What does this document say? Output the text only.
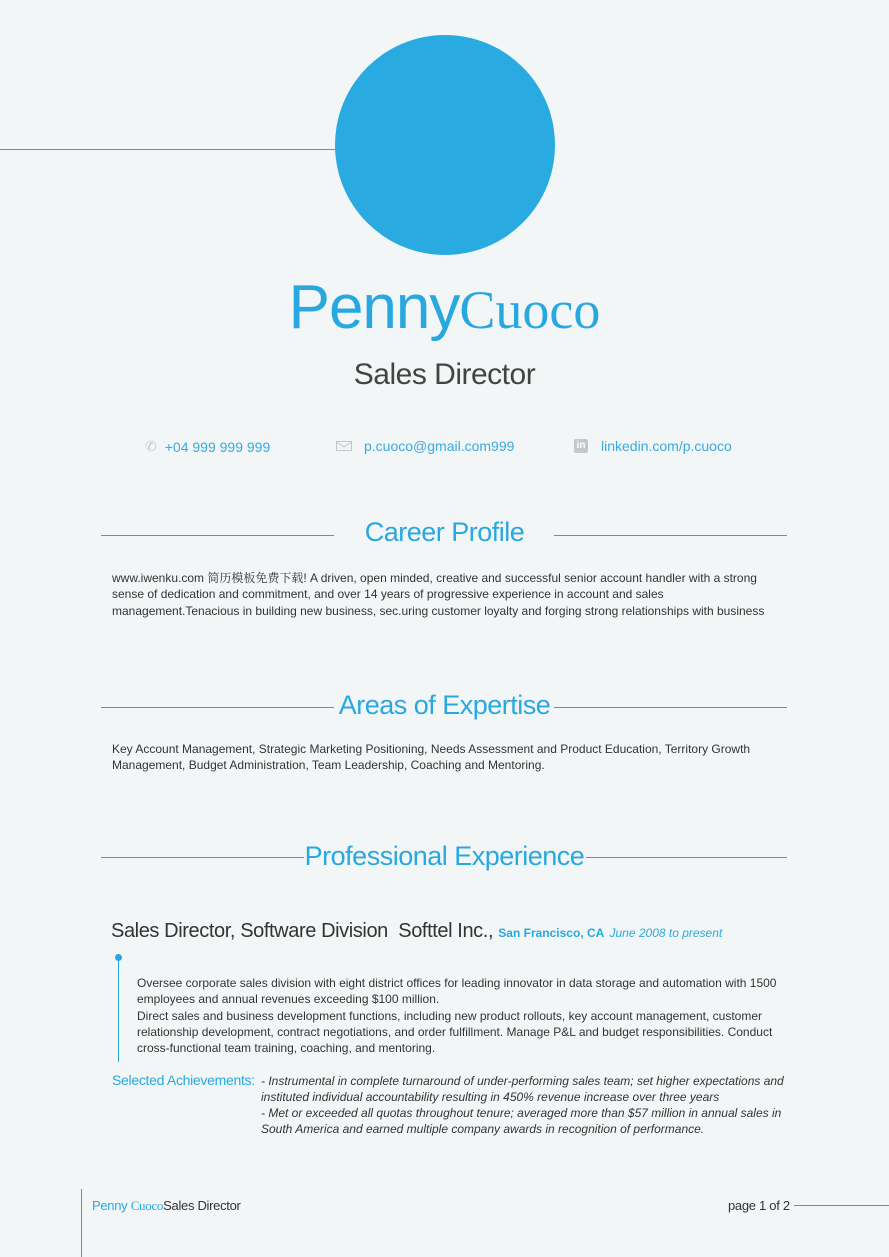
PennyCuoco
Sales Director
✆ +04 999 999 999	p.cuoco@gmail.com999	in linkedin.com/p.cuoco
Career Profile
www.iwenku.com 简历模板免费下载! A driven, open minded, creative and successful senior account handler with a strong sense of dedication and commitment, and over 14 years of progressive experience in account and sales management.Tenacious in building new business, sec.uring customer loyalty and forging strong relationships with business
Areas of Expertise
Key Account Management, Strategic Marketing Positioning, Needs Assessment and Product Education, Territory Growth Management, Budget Administration, Team Leadership, Coaching and Mentoring.
Professional Experience
Sales Director, Software Division Softtel Inc., San Francisco, CA June 2008 to present
Oversee corporate sales division with eight district offices for leading innovator in data storage and automation with 1500 employees and annual revenues exceeding $100 million.
Direct sales and business development functions, including new product rollouts, key account management, customer relationship development, contract negotiations, and order fulfillment. Manage P&L and budget responsibilities. Conduct cross-functional team training, coaching, and mentoring.
Selected Achievements: - Instrumental in complete turnaround of under-performing sales team; set higher expectations and instituted individual accountability resulting in 450% revenue increase over three years
- Met or exceeded all quotas throughout tenure; averaged more than $57 million in annual sales in South America and earned multiple company awards in recognition of performance.
Penny CuocoSales Director	page 1 of 2
